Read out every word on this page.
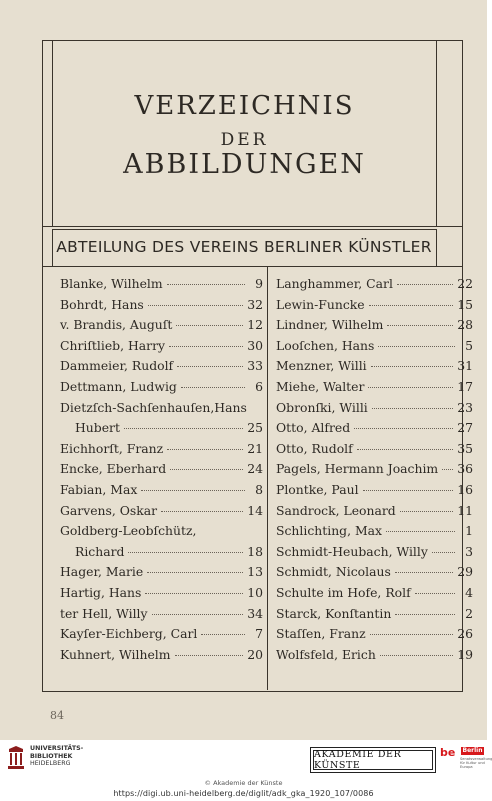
VERZEICHNIS
DER
ABBILDUNGEN
ABTEILUNG DES VEREINS BERLINER KÜNSTLER
Blanke, Wilhelm	9
Bohrdt, Hans	32
v. Brandis, Auguſt	12
Chriſtlieb, Harry	30
Dammeier, Rudolf	33
Dettmann, Ludwig	6
Dietzſch-Sachſenhauſen,Hans
Hubert	25
Eichhorſt, Franz	21
Encke, Eberhard	24
Fabian, Max	8
Garvens, Oskar	14
Goldberg-Leobſchütz,
Richard	18
Hager, Marie	13
Hartig, Hans	10
ter Hell, Willy	34
Kayſer-Eichberg, Carl	7
Kuhnert, Wilhelm	20
Langhammer, Carl	22
Lewin-Funcke	15
Lindner, Wilhelm	28
Looſchen, Hans	5
Menzner, Willi	31
Miehe, Walter	17
Obronſki, Willi	23
Otto, Alfred	27
Otto, Rudolf	35
Pagels, Hermann Joachim 36
Plontke, Paul	16
Sandrock, Leonard	11
Schlichting, Max	1
Schmidt-Heubach, Willy	3
Schmidt, Nicolaus	29
Schulte im Hofe, Rolf	4
Starck, Konſtantin	2
Staſſen, Franz	26
Wolfsfeld, Erich	19
84
UNIVERSITÄTS-
BIBLIOTHEK
HEIDELBERG
AKADEMIE DER KÜNSTE
be Berlin
Senatsverwaltung für Kultur und Europa
© Akademie der Künste
https://digi.ub.uni-heidelberg.de/diglit/adk_gka_1920_107/0086
